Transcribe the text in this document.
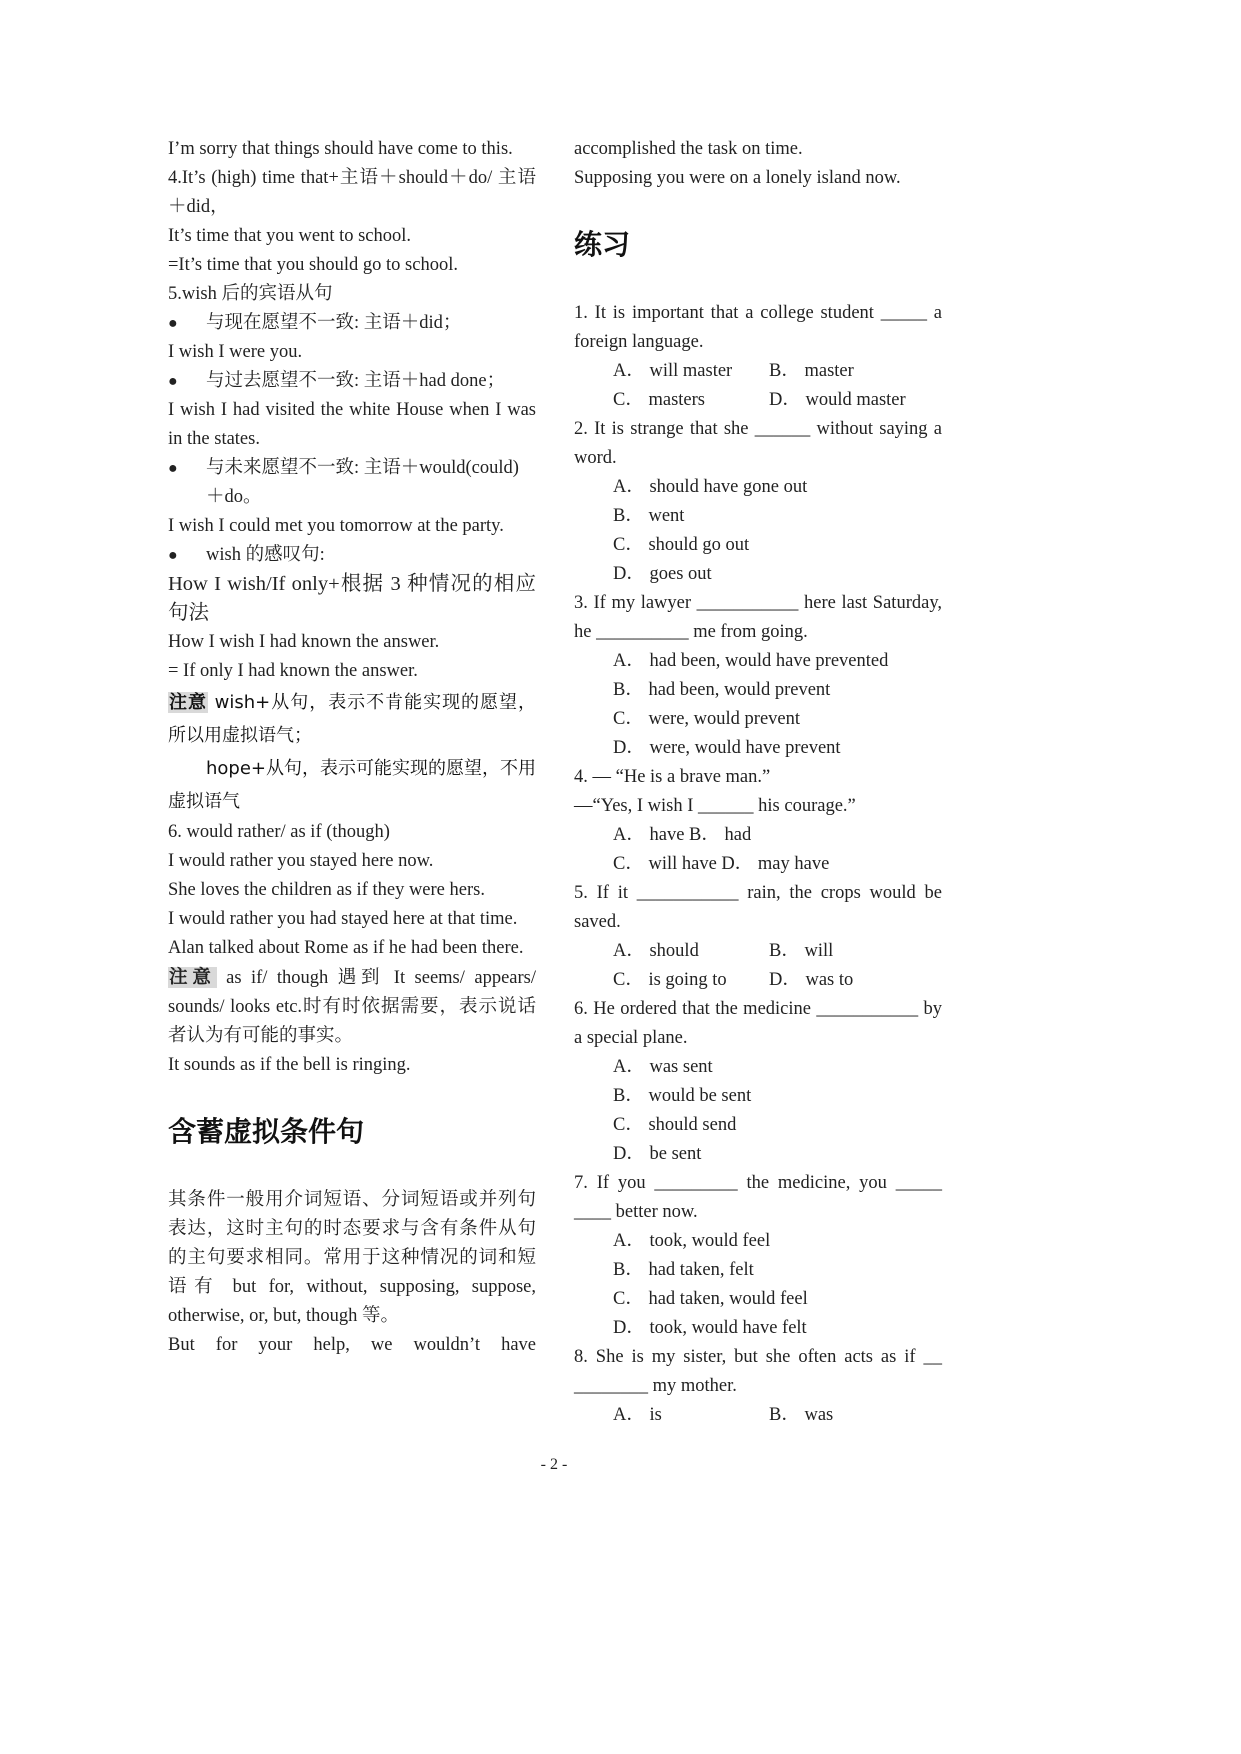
I’m sorry that things should have come to this.

4.It’s (high) time that+主语＋should＋do/ 主语＋did，

It’s time that you went to school.

=It’s time that you should go to school.

5.wish 后的宾语从句

●	与现在愿望不一致: 主语＋did；

I wish I were you.

●	与过去愿望不一致: 主语＋had done；

I wish I had visited the white House when I was in the states.

●	与未来愿望不一致: 主语＋would(could) ＋do。

I wish I could met you tomorrow at the party.

●	wish 的感叹句:

How I wish/If only+根据 3 种情况的相应句法

How I wish I had known the answer.

= If only I had known the answer.

注意 wish+从句，表示不肯能实现的愿望，所以用虚拟语气；

hope+从句，表示可能实现的愿望，不用虚拟语气

6. would rather/ as if (though)

I would rather you stayed here now.

She loves the children as if they were hers.

I would rather you had stayed here at that time.

Alan talked about Rome as if he had been there.

注意 as if/ though 遇到 It seems/ appears/ sounds/ looks etc.时有时依据需要，表示说话者认为有可能的事实。

It sounds as if the bell is ringing.

含蓄虚拟条件句

其条件一般用介词短语、分词短语或并列句表达，这时主句的时态要求与含有条件从句的主句要求相同。常用于这种情况的词和短语有 but for, without, supposing, suppose, otherwise, or, but, though 等。

But for your help, we wouldn’t have

accomplished the task on time.

Supposing you were on a lonely island now.

练习

1. It is important that a college student _____ a foreign language.

A． will master	B． master
C． masters	D． would master

2. It is strange that she ______ without saying a word.

A． should have gone out
B． went
C． should go out
D． goes out

3. If my lawyer ___________ here last Saturday, he __________ me from going.

A． had been, would have prevented
B． had been, would prevent
C． were, would prevent
D． were, would have prevent

4. — “He is a brave man.”

—“Yes, I wish I ______ his courage.”

A． have B． had
C． will have D． may have

5. If it ___________ rain, the crops would be saved.

A． should	B． will
C． is going to	D． was to

6. He ordered that the medicine ___________ by a special plane.

A． was sent
B． would be sent
C． should send
D． be sent

7. If you _________ the medicine, you _____ ____ better now.

A． took, would feel
B． had taken, felt
C． had taken, would feel
D． took, would have felt

8. She is my sister, but she often acts as if __ ________ my mother.

A． is	B． was
- 2 -
